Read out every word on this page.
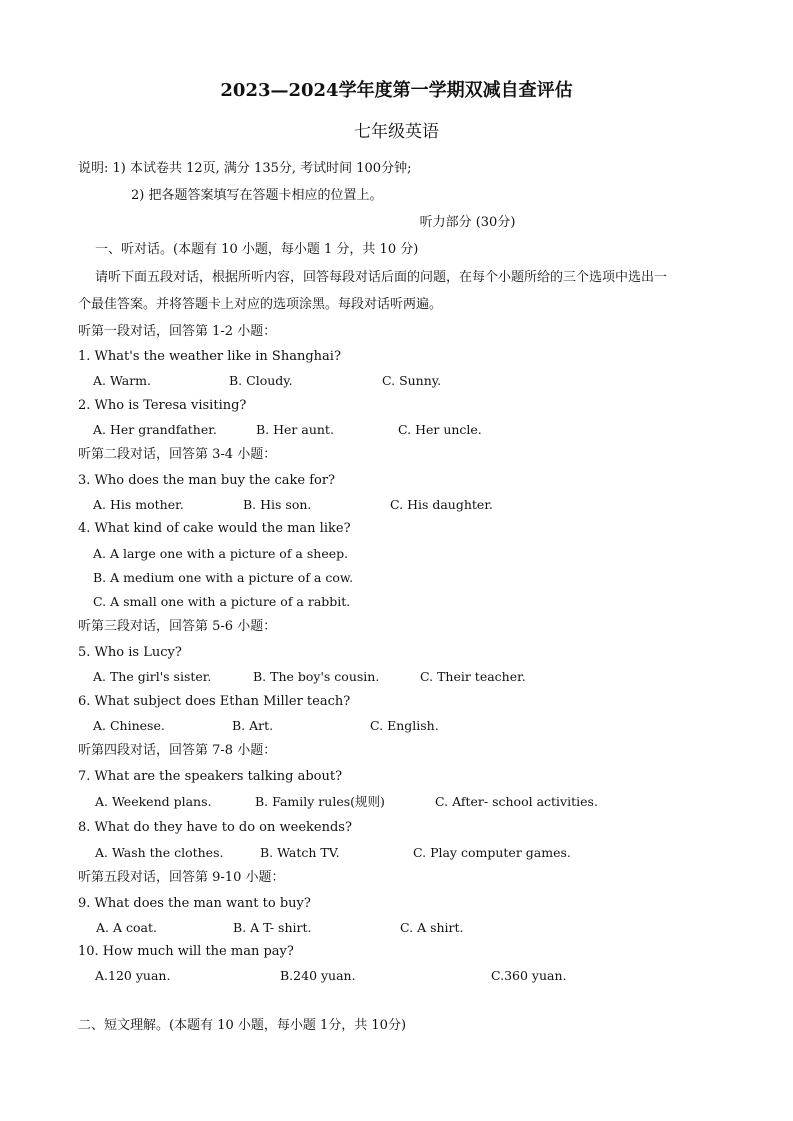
2023—2024学年度第一学期双减自查评估
七年级英语
说明: 1) 本试卷共 12页, 满分 135分, 考试时间 100分钟;
2) 把各题答案填写在答题卡相应的位置上。
听力部分 (30分)
一、听对话。(本题有 10 小题，每小题 1 分，共 10 分)
请听下面五段对话，根据所听内容，回答每段对话后面的问题，在每个小题所给的三个选项中选出一
个最佳答案。并将答题卡上对应的选项涂黑。每段对话听两遍。
听第一段对话，回答第 1-2 小题：
1. What's the weather like in Shanghai?
A. Warm.	B. Cloudy.	C. Sunny.
2. Who is Teresa visiting?
A. Her grandfather.	B. Her aunt.	C. Her uncle.
听第二段对话，回答第 3-4 小题：
3. Who does the man buy the cake for?
A. His mother.	B. His son.	C. His daughter.
4. What kind of cake would the man like?
A. A large one with a picture of a sheep.
B. A medium one with a picture of a cow.
C. A small one with a picture of a rabbit.
听第三段对话，回答第 5-6 小题：
5. Who is Lucy?
A. The girl's sister.	B. The boy's cousin.	C. Their teacher.
6. What subject does Ethan Miller teach?
A. Chinese.	B. Art.	C. English.
听第四段对话，回答第 7-8 小题：
7. What are the speakers talking about?
A. Weekend plans.	B. Family rules(规则)	C. After- school activities.
8. What do they have to do on weekends?
A. Wash the clothes.	B. Watch TV.	C. Play computer games.
听第五段对话，回答第 9-10 小题：
9. What does the man want to buy?
A. A coat.	B. A T- shirt.	C. A shirt.
10. How much will the man pay?
A.120 yuan.	B.240 yuan.	C.360 yuan.
二、短文理解。(本题有 10 小题，每小题 1分，共 10分)
